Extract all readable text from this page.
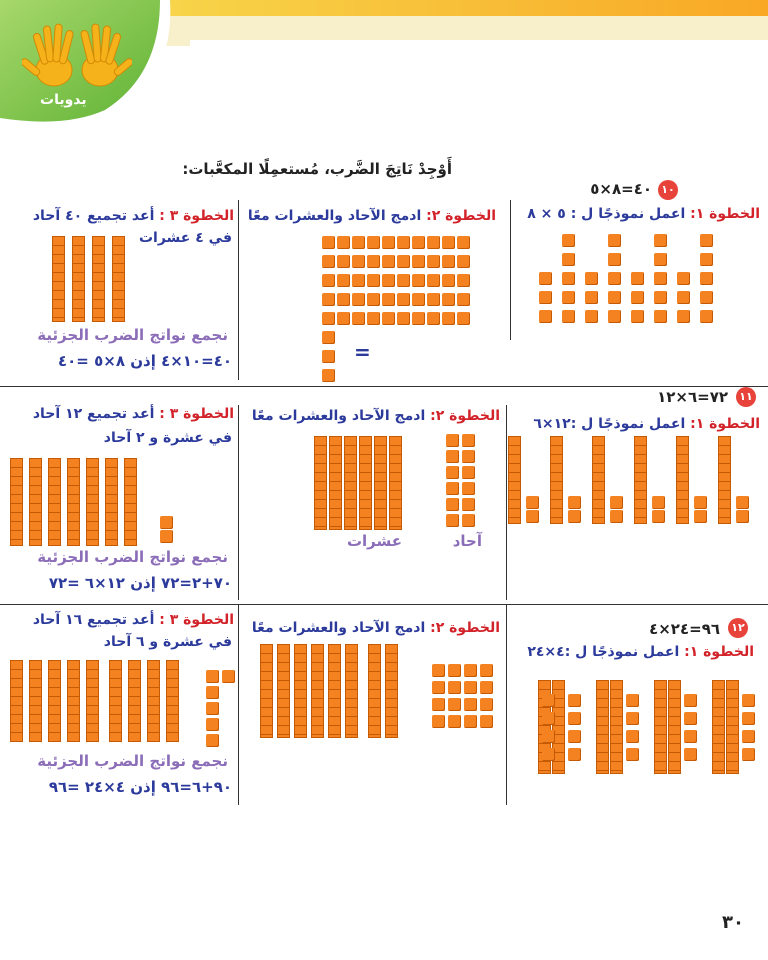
يدويات
أَوْجِدْ نَاتِجَ الضَّرب، مُستعمِلًا المكعَّبات:
١٠
٤٠=٨×٥
الخطوة ١: اعمل نموذجًا ل : ٥ × ٨
الخطوة ٢: ادمج الآحاد والعشرات معًا
الخطوة ٣ : أعد تجميع ٤٠ آحاد
في ٤ عشرات
=
نجمع نواتج الضرب الجزئية
٤٠=١٠×٤ إذن ٨×٥ =٤٠
١١
٧٢=٦×١٢
الخطوة ١: اعمل نموذجًا ل :١٢×٦
الخطوة ٢: ادمج الآحاد والعشرات معًا
الخطوة ٣ : أعد تجميع ١٢ آحاد
في عشرة و ٢ آحاد
آحاد
عشرات
نجمع نواتج الضرب الجزئية
٧٠+٢=٧٢ إذن ١٢×٦ =٧٢
١٢
٩٦=٢٤×٤
الخطوة ١: اعمل نموذجًا ل :٤×٢٤
الخطوة ٢: ادمج الآحاد والعشرات معًا
الخطوة ٣ : أعد تجميع ١٦ آحاد
في عشرة و ٦ آحاد
نجمع نواتج الضرب الجزئية
٩٠+٦=٩٦ إذن ٤×٢٤ =٩٦
٣٠
